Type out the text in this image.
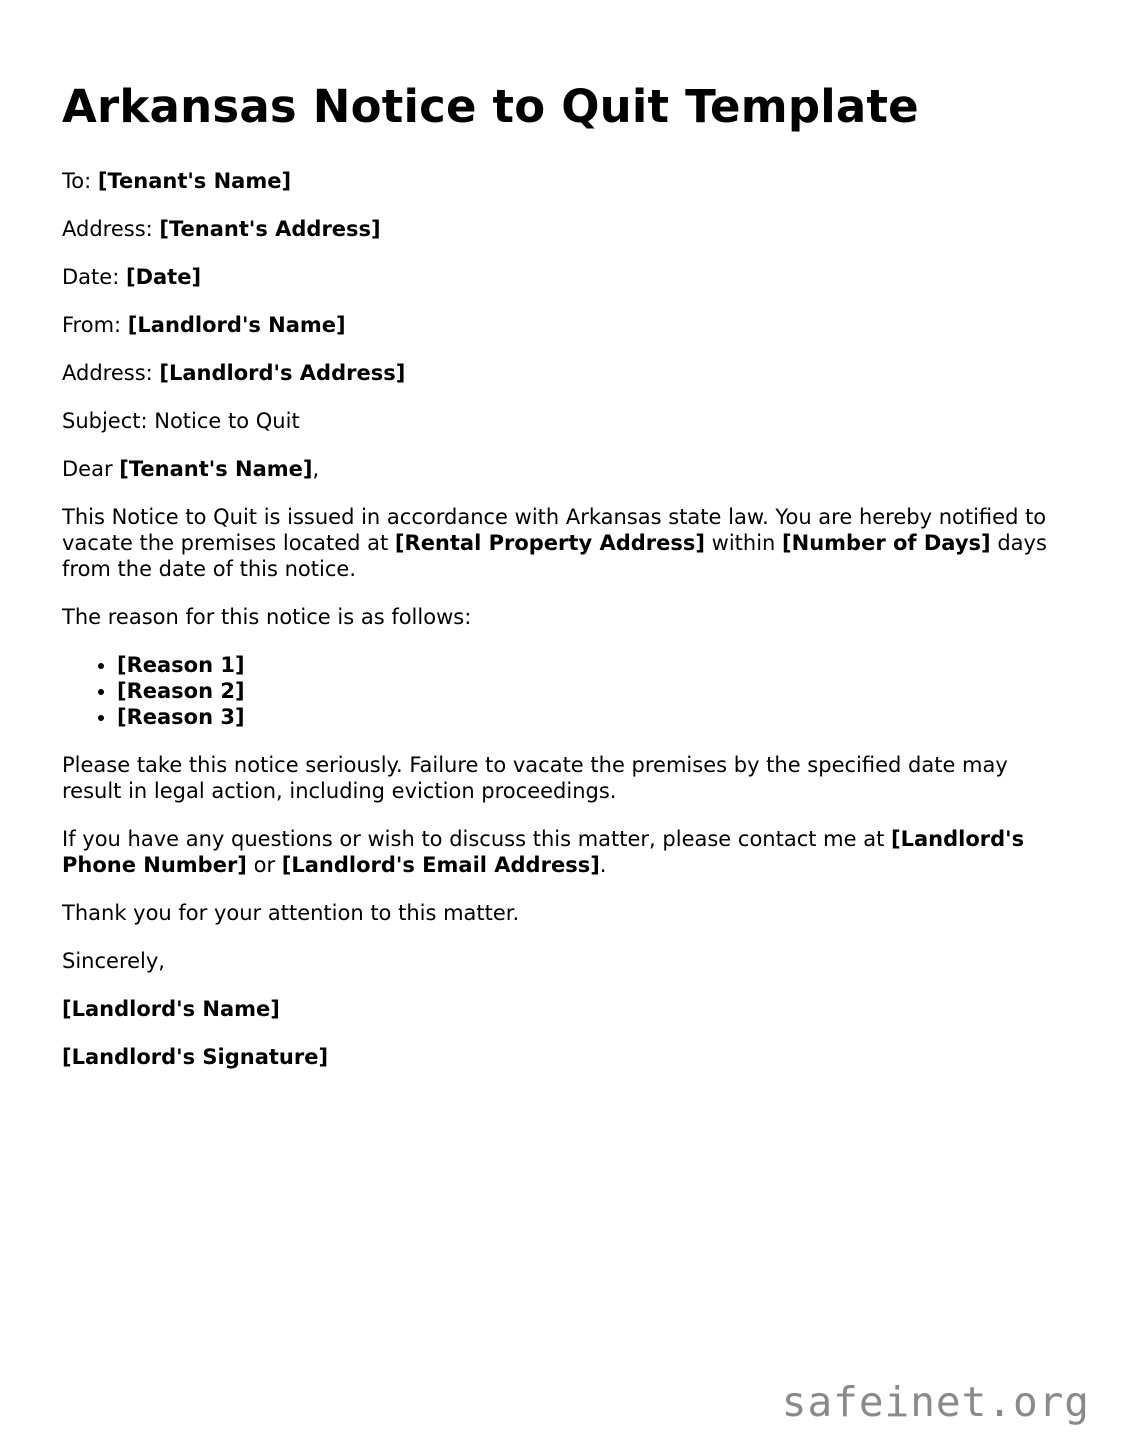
Arkansas Notice to Quit Template

To: [Tenant's Name]

Address: [Tenant's Address]

Date: [Date]

From: [Landlord's Name]

Address: [Landlord's Address]

Subject: Notice to Quit

Dear [Tenant's Name],

This Notice to Quit is issued in accordance with Arkansas state law. You are hereby notified to vacate the premises located at [Rental Property Address] within [Number of Days] days from the date of this notice.

The reason for this notice is as follows:

• [Reason 1]
• [Reason 2]
• [Reason 3]

Please take this notice seriously. Failure to vacate the premises by the specified date may result in legal action, including eviction proceedings.

If you have any questions or wish to discuss this matter, please contact me at [Landlord's Phone Number] or [Landlord's Email Address].

Thank you for your attention to this matter.

Sincerely,

[Landlord's Name]

[Landlord's Signature]

safeinet.org
